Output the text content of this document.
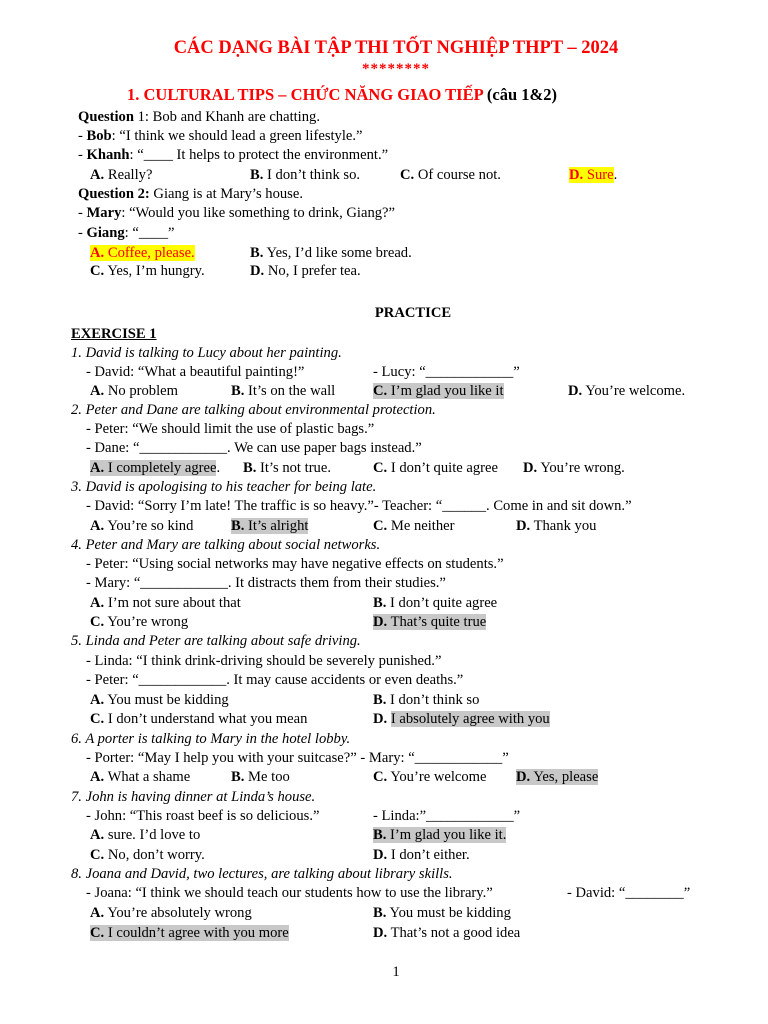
CÁC DẠNG BÀI TẬP THI TỐT NGHIỆP THPT – 2024
********
1. CULTURAL TIPS – CHỨC NĂNG GIAO TIẾP (câu 1&2)
Question 1: Bob and Khanh are chatting.
- Bob: “I think we should lead a green lifestyle.”
- Khanh: “____ It helps to protect the environment.”
A. Really?	B. I don’t think so.	C. Of course not.	D. Sure.
Question 2: Giang is at Mary’s house.
- Mary: “Would you like something to drink, Giang?”
- Giang: “____”
A. Coffee, please.	B. Yes, I’d like some bread.
C. Yes, I’m hungry.	D. No, I prefer tea.
PRACTICE
EXERCISE 1
1. David is talking to Lucy about her painting.
- David: “What a beautiful painting!”	- Lucy: “____________”
A. No problem	B. It’s on the wall	C. I’m glad you like it	D. You’re welcome.
2. Peter and Dane are talking about environmental protection.
- Peter: “We should limit the use of plastic bags.”
- Dane: “____________. We can use paper bags instead.”
A. I completely agree. B. It’s not true.	C. I don’t quite agree D. You’re wrong.
3. David is apologising to his teacher for being late.
- David: “Sorry I’m late! The traffic is so heavy.”- Teacher: “______. Come in and sit down.”
A. You’re so kind	B. It’s alright	C. Me neither	D. Thank you
4. Peter and Mary are talking about social networks.
- Peter: “Using social networks may have negative effects on students.”
- Mary: “____________. It distracts them from their studies.”
A. I’m not sure about that	B. I don’t quite agree
C. You’re wrong	D. That’s quite true
5. Linda and Peter are talking about safe driving.
- Linda: “I think drink-driving should be severely punished.”
- Peter: “____________. It may cause accidents or even deaths.”
A. You must be kidding	B. I don’t think so
C. I don’t understand what you mean	D. I absolutely agree with you
6. A porter is talking to Mary in the hotel lobby.
- Porter: “May I help you with your suitcase?” - Mary: “____________”
A. What a shame	B. Me too	C. You’re welcome D. Yes, please
7. John is having dinner at Linda’s house.
- John: “This roast beef is so delicious.”	- Linda:”____________”
A. sure. I’d love to	B. I’m glad you like it.
C. No, don’t worry.	D. I don’t either.
8. Joana and David, two lectures, are talking about library skills.
- Joana: “I think we should teach our students how to use the library.”	- David: “________”
A. You’re absolutely wrong	B. You must be kidding
C. I couldn’t agree with you more	D. That’s not a good idea
1
